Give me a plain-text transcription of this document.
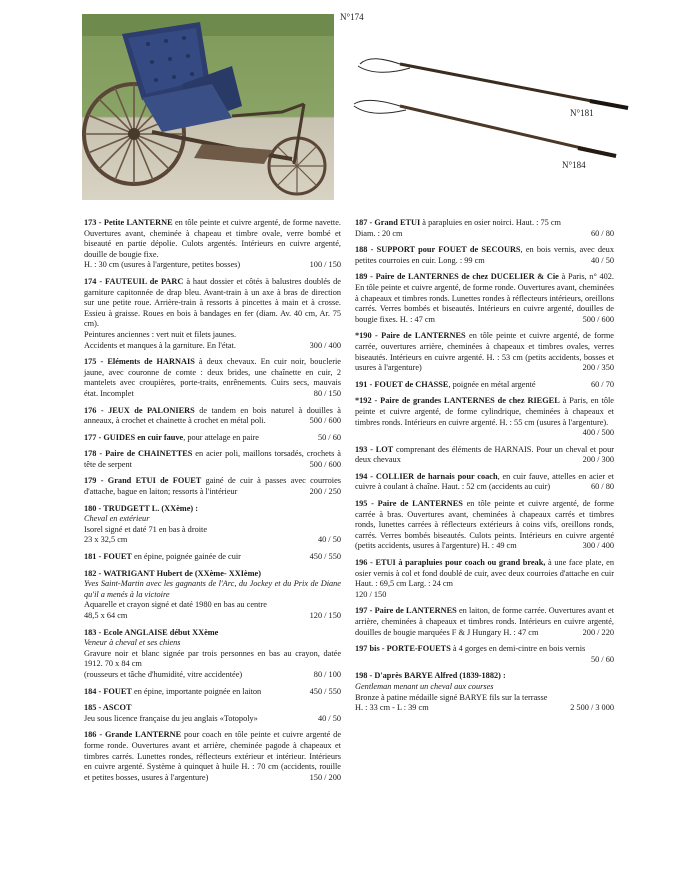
N°174
N°181
N°184
173 - Petite LANTERNE en tôle peinte et cuivre argenté, de forme navette. Ouvertures avant, cheminée à chapeau et timbre ovale, verre bombé et biseauté en partie dépolie. Culots argentés. Intérieurs en cuivre argenté, douille de bougie fixe.
H. : 30 cm (usures à l'argenture, petites bosses)	100 / 150
174 - FAUTEUIL de PARC à haut dossier et côtés à balustres doublés de garniture capitonnée de drap bleu. Avant-train à un axe à bras de direction sur une petite roue. Arrière-train à ressorts à pincettes à main et à crosse. Essieu à graisse. Roues en bois à bandages en fer (diam. Av. 40 cm, Ar. 75 cm).
Peintures anciennes : vert nuit et filets jaunes.
Accidents et manques à la garniture. En l'état.	300 / 400
175 - Eléments de HARNAIS à deux chevaux. En cuir noir, bouclerie jaune, avec couronne de comte : deux brides, une chaînette en cuir, 2 mantelets avec croupières, porte-traits, enrênements. Cuirs secs, mauvais état. Incomplet	80 / 150
176 - JEUX de PALONIERS de tandem en bois naturel à douilles à anneaux, à crochet et chainette à crochet en métal poli.	500 / 600
177 - GUIDES en cuir fauve, pour attelage en paire	50 / 60
178 - Paire de CHAINETTES en acier poli, maillons torsadés, crochets à tête de serpent	500 / 600
179 - Grand ETUI de FOUET gainé de cuir à passes avec courroies d'attache, bague en laiton; ressorts à l'intérieur	200 / 250
180 - TRUDGETT L. (XXème) :
Cheval en extérieur
Isorel signé et daté 71 en bas à droite
23 x 32,5 cm	40 / 50
181 - FOUET en épine, poignée gainée de cuir	450 / 550
182 - WATRIGANT Hubert de (XXème- XXIème)
Yves Saint-Martin avec les gagnants de l'Arc, du Jockey et du Prix de Diane qu'il a menés à la victoire
Aquarelle et crayon signé et daté 1980 en bas au centre
48,5 x 64 cm	120 / 150
183 - Ecole ANGLAISE début XXème
Veneur à cheval et ses chiens
Gravure noir et blanc signée par trois personnes en bas au crayon, datée 1912. 70 x 84 cm
(rousseurs et tâche d'humidité, vitre accidentée)	80 / 100
184 - FOUET en épine, importante poignée en laiton	450 / 550
185 - ASCOT
Jeu sous licence française du jeu anglais «Totopoly»	40 / 50
186 - Grande LANTERNE pour coach en tôle peinte et cuivre argenté de forme ronde. Ouvertures avant et arrière, cheminée pagode à chapeaux et timbres carrés. Lunettes rondes, réflecteurs extérieur et intérieur. Intérieurs en cuivre argenté. Système à quinquet à huile H. : 70 cm (accidents, rouille et petites bosses, usures à l'argenture)	150 / 200
187 - Grand ETUI à parapluies en osier noirci. Haut. : 75 cm
Diam. : 20 cm	60 / 80
188 - SUPPORT pour FOUET de SECOURS, en bois vernis, avec deux petites courroies en cuir. Long. : 99 cm	40 / 50
189 - Paire de LANTERNES de chez DUCELIER & Cie à Paris, n° 402. En tôle peinte et cuivre argenté, de forme ronde. Ouvertures avant, cheminées à chapeaux et timbres ronds. Lunettes rondes à réflecteurs intérieurs, oreillons carrés. Verres bombés et biseautés. Intérieurs en cuivre argenté, douilles de bougie fixes. H. : 47 cm	500 / 600
*190 - Paire de LANTERNES en tôle peinte et cuivre argenté, de forme carrée, ouvertures arrière, cheminées à chapeaux et timbres ovales, verres biseautés. Intérieurs en cuivre argenté. H. : 53 cm (petits accidents, bosses et usures à l'argenture)	200 / 350
191 - FOUET de CHASSE, poignée en métal argenté	60 / 70
*192 - Paire de grandes LANTERNES de chez RIEGEL à Paris, en tôle peinte et cuivre argenté, de forme cylindrique, cheminées à chapeaux et timbres ronds. Intérieurs en cuivre argenté. H. : 55 cm (usures à l'argenture).
400 / 500
193 - LOT comprenant des éléments de HARNAIS. Pour un cheval et pour deux chevaux	200 / 300
194 - COLLIER de harnais pour coach, en cuir fauve, attelles en acier et cuivre à coulant à chaîne. Haut. : 52 cm (accidents au cuir)	60 / 80
195 - Paire de LANTERNES en tôle peinte et cuivre argenté, de forme carrée à bras. Ouvertures avant, cheminées à chapeaux carrés et timbres ronds, lunettes carrées à réflecteurs extérieurs à coins vifs, oreillons ronds, carrés. Verres bombés biseautés. Culots peints. Intérieurs en cuivre argenté (petits accidents, usures à l'argenture) H. : 49 cm	300 / 400
196 - ETUI à parapluies pour coach ou grand break, à une face plate, en osier vernis à col et fond doublé de cuir, avec deux courroies d'attache en cuir Haut. : 69,5 cm Larg. : 24 cm
120 / 150
197 - Paire de LANTERNES en laiton, de forme carrée. Ouvertures avant et arrière, cheminées à chapeaux et timbres ronds. Intérieurs en cuivre argenté, douilles de bougie marquées F & J Hungary H. : 47 cm	200 / 220
197 bis - PORTE-FOUETS à 4 gorges en demi-cintre en bois vernis
50 / 60
198 - D'après BARYE Alfred (1839-1882) :
Gentleman menant un cheval aux courses
Bronze à patine médaille signé BARYE fils sur la terrasse
H. : 33 cm - L : 39 cm	2 500 / 3 000
